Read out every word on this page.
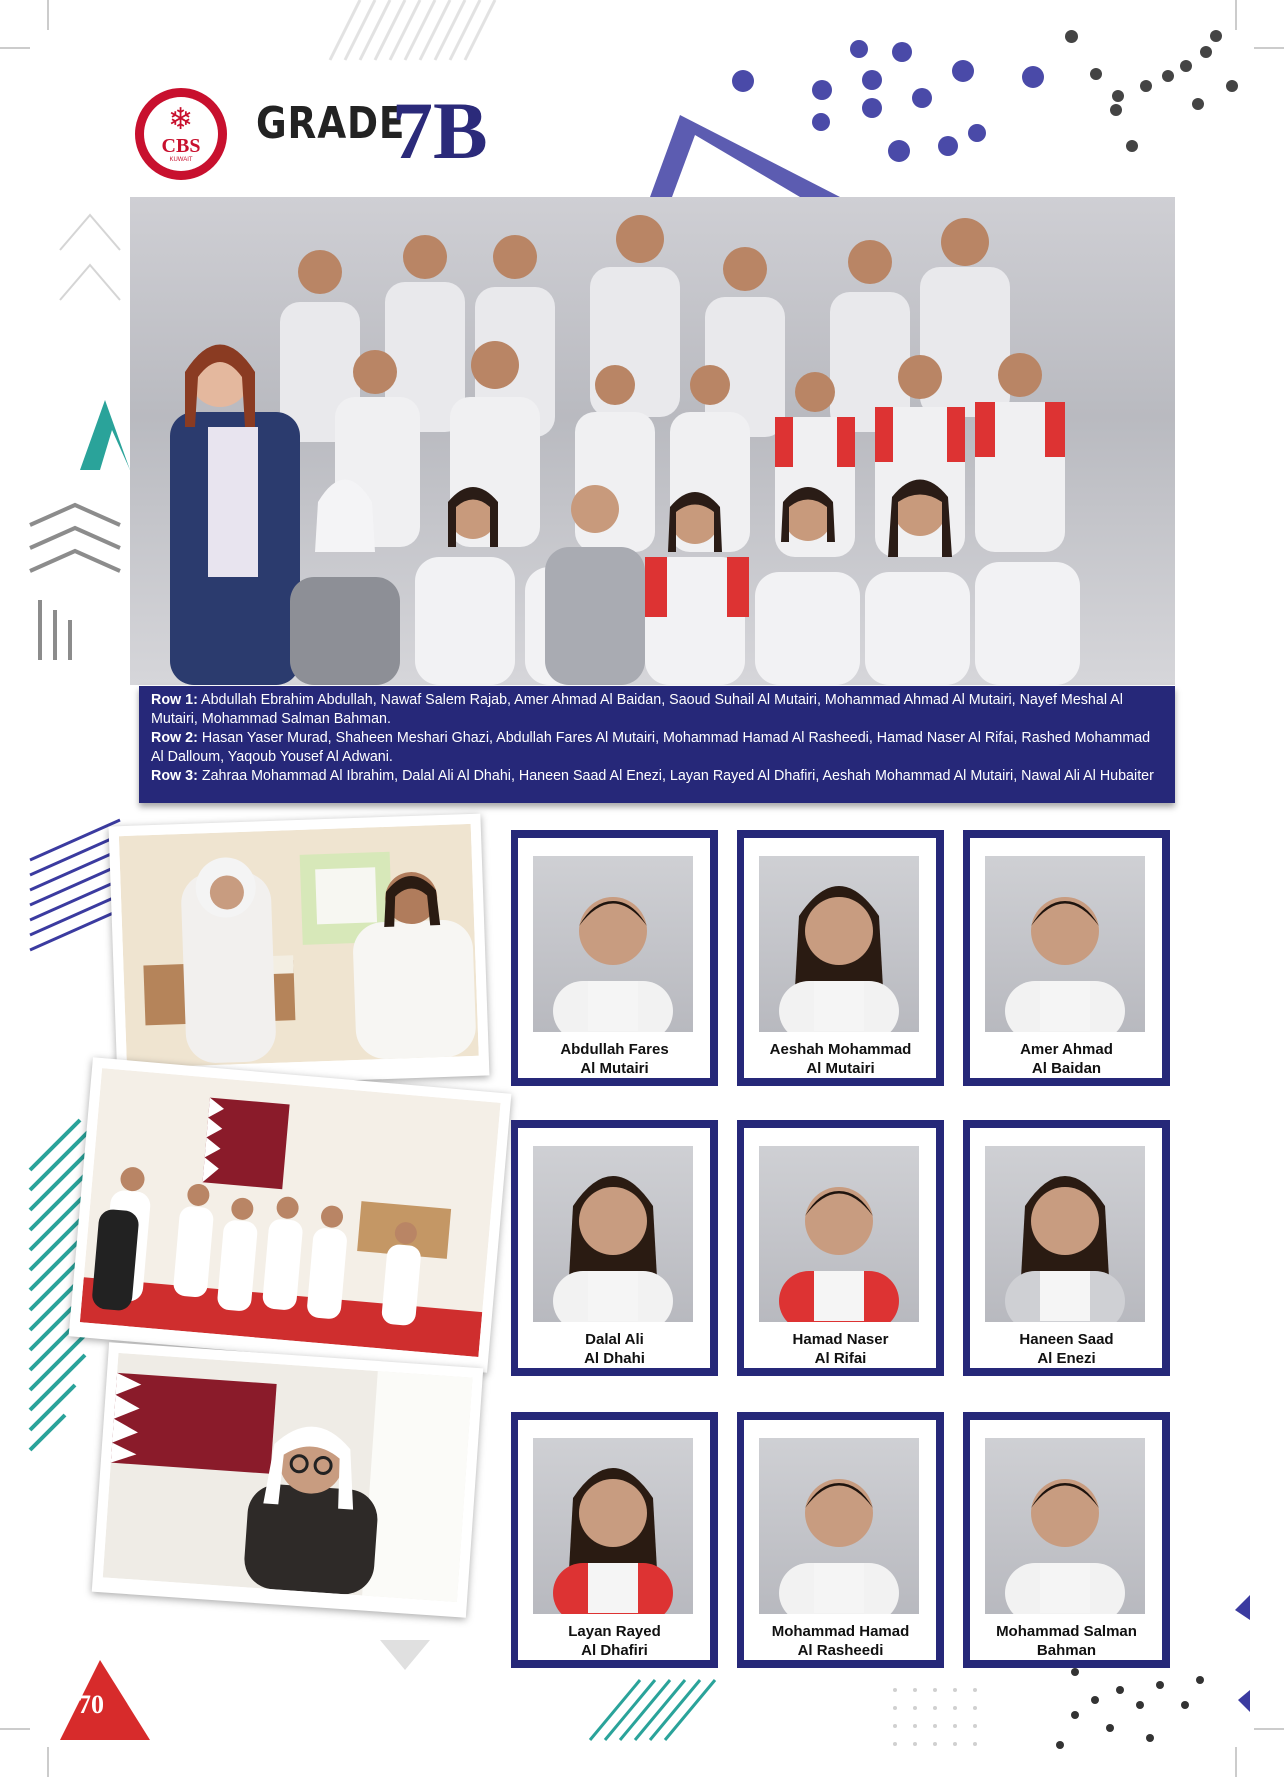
❄
CBS
KUWAIT
GRADE
7B
Row 1: Abdullah Ebrahim Abdullah, Nawaf Salem Rajab, Amer Ahmad Al Baidan, Saoud Suhail Al Mutairi, Mohammad Ahmad Al Mutairi, Nayef Meshal Al Mutairi, Mohammad Salman Bahman.
Row 2: Hasan Yaser Murad, Shaheen Meshari Ghazi, Abdullah Fares Al Mutairi, Mohammad Hamad Al Rasheedi, Hamad Naser Al Rifai, Rashed Mohammad Al Dalloum, Yaqoub Yousef Al Adwani.
Row 3: Zahraa Mohammad Al Ibrahim, Dalal Ali Al Dhahi, Haneen Saad Al Enezi, Layan Rayed Al Dhafiri, Aeshah Mohammad Al Mutairi, Nawal Ali Al Hubaiter
Abdullah Fares
Al Mutairi
Aeshah Mohammad
Al Mutairi
Amer Ahmad
Al Baidan
Dalal Ali
Al Dhahi
Hamad Naser
Al Rifai
Haneen Saad
Al Enezi
Layan Rayed
Al Dhafiri
Mohammad Hamad
Al Rasheedi
Mohammad Salman
Bahman
70
